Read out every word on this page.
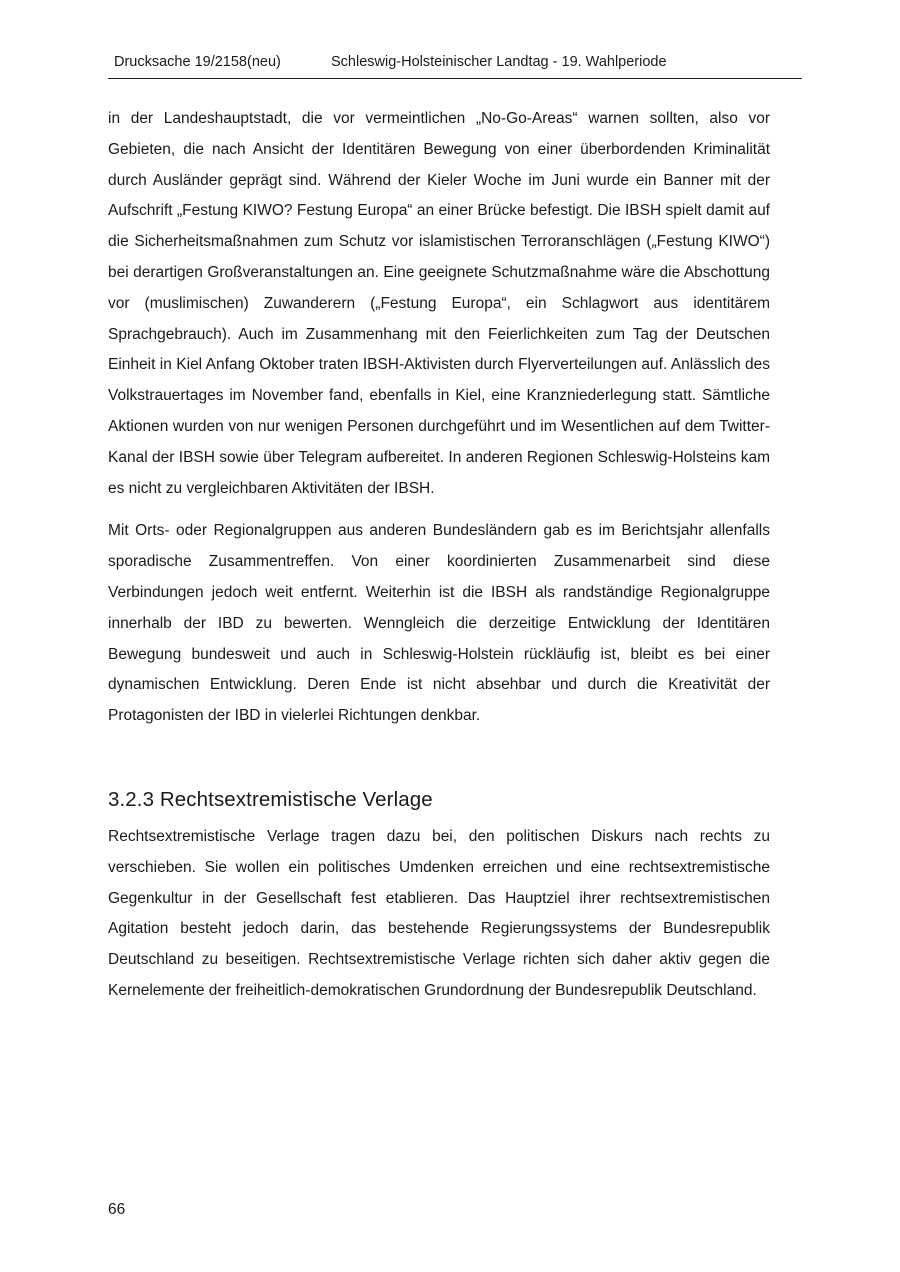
Drucksache 19/2158(neu)	Schleswig-Holsteinischer Landtag - 19. Wahlperiode

in der Landeshauptstadt, die vor vermeintlichen „No-Go-Areas“ warnen sollten, also vor Gebieten, die nach Ansicht der Identitären Bewegung von einer überbordenden Kriminalität durch Ausländer geprägt sind. Während der Kieler Woche im Juni wurde ein Banner mit der Aufschrift „Festung KIWO? Festung Europa“ an einer Brücke befestigt. Die IBSH spielt damit auf die Sicherheitsmaßnahmen zum Schutz vor islamistischen Terroranschlägen („Festung KIWO“) bei derartigen Großveranstaltungen an. Eine geeignete Schutzmaßnahme wäre die Abschottung vor (muslimischen) Zuwanderern („Festung Europa“, ein Schlagwort aus identitärem Sprachgebrauch). Auch im Zusammenhang mit den Feierlichkeiten zum Tag der Deutschen Einheit in Kiel Anfang Oktober traten IBSH-Aktivisten durch Flyerverteilungen auf. Anlässlich des Volkstrauertages im November fand, ebenfalls in Kiel, eine Kranzniederlegung statt. Sämtliche Aktionen wurden von nur wenigen Personen durchgeführt und im Wesentlichen auf dem Twitter-Kanal der IBSH sowie über Telegram aufbereitet. In anderen Regionen Schleswig-Holsteins kam es nicht zu vergleichbaren Aktivitäten der IBSH.

Mit Orts- oder Regionalgruppen aus anderen Bundesländern gab es im Berichtsjahr allenfalls sporadische Zusammentreffen. Von einer koordinierten Zusammenarbeit sind diese Verbindungen jedoch weit entfernt. Weiterhin ist die IBSH als randständige Regionalgruppe innerhalb der IBD zu bewerten. Wenngleich die derzeitige Entwicklung der Identitären Bewegung bundesweit und auch in Schleswig-Holstein rückläufig ist, bleibt es bei einer dynamischen Entwicklung. Deren Ende ist nicht absehbar und durch die Kreativität der Protagonisten der IBD in vielerlei Richtungen denkbar.

3.2.3 Rechtsextremistische Verlage

Rechtsextremistische Verlage tragen dazu bei, den politischen Diskurs nach rechts zu verschieben. Sie wollen ein politisches Umdenken erreichen und eine rechtsextremistische Gegenkultur in der Gesellschaft fest etablieren. Das Hauptziel ihrer rechtsextremistischen Agitation besteht jedoch darin, das bestehende Regierungssystems der Bundesrepublik Deutschland zu beseitigen. Rechtsextremistische Verlage richten sich daher aktiv gegen die Kernelemente der freiheitlich-demokratischen Grundordnung der Bundesrepublik Deutschland.

66
